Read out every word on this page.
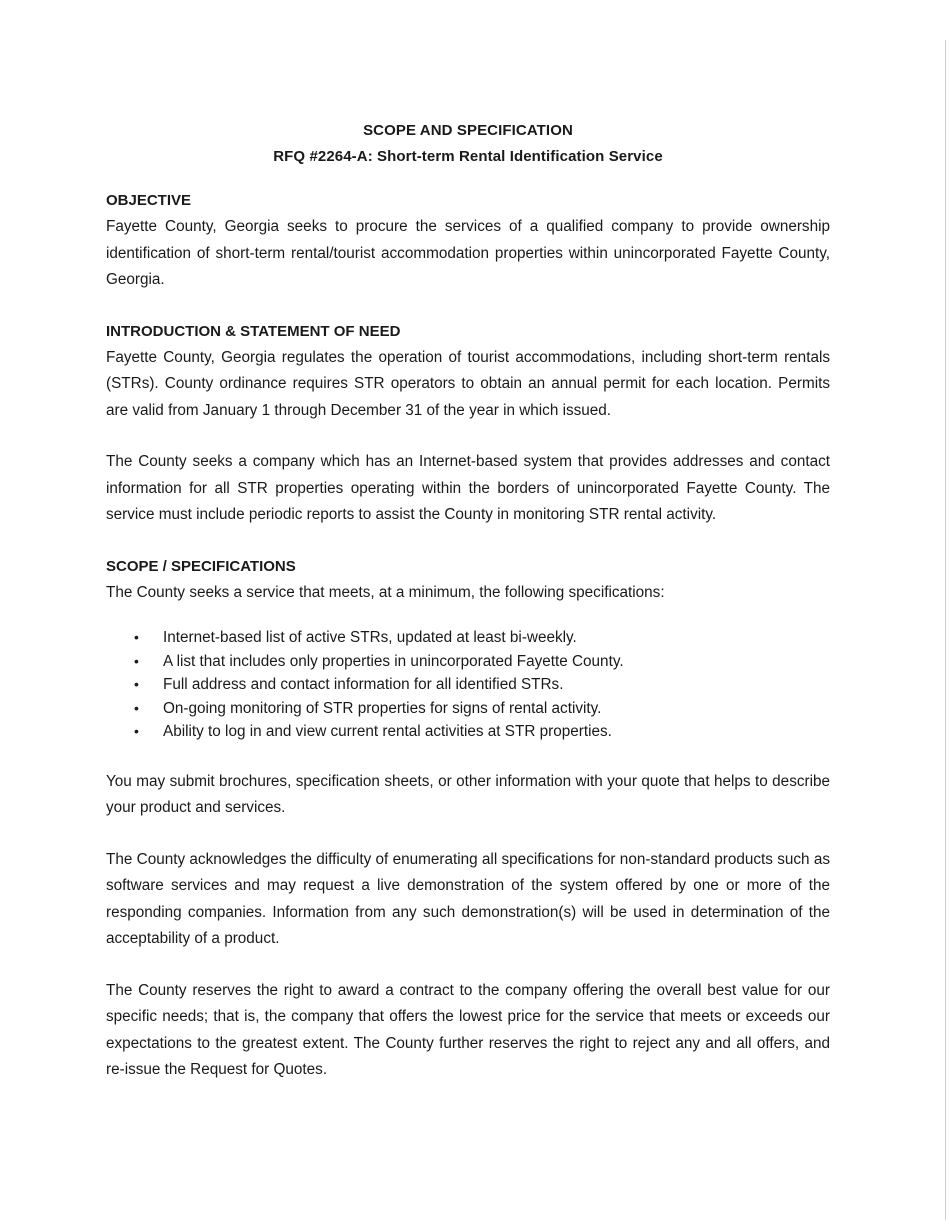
SCOPE AND SPECIFICATION
RFQ #2264-A: Short-term Rental Identification Service

OBJECTIVE

Fayette County, Georgia seeks to procure the services of a qualified company to provide ownership identification of short-term rental/tourist accommodation properties within unincorporated Fayette County, Georgia.

INTRODUCTION & STATEMENT OF NEED

Fayette County, Georgia regulates the operation of tourist accommodations, including short-term rentals (STRs). County ordinance requires STR operators to obtain an annual permit for each location. Permits are valid from January 1 through December 31 of the year in which issued.

The County seeks a company which has an Internet-based system that provides addresses and contact information for all STR properties operating within the borders of unincorporated Fayette County. The service must include periodic reports to assist the County in monitoring STR rental activity.

SCOPE / SPECIFICATIONS

The County seeks a service that meets, at a minimum, the following specifications:

• Internet-based list of active STRs, updated at least bi-weekly.
• A list that includes only properties in unincorporated Fayette County.
• Full address and contact information for all identified STRs.
• On-going monitoring of STR properties for signs of rental activity.
• Ability to log in and view current rental activities at STR properties.

You may submit brochures, specification sheets, or other information with your quote that helps to describe your product and services.

The County acknowledges the difficulty of enumerating all specifications for non-standard products such as software services and may request a live demonstration of the system offered by one or more of the responding companies. Information from any such demonstration(s) will be used in determination of the acceptability of a product.

The County reserves the right to award a contract to the company offering the overall best value for our specific needs; that is, the company that offers the lowest price for the service that meets or exceeds our expectations to the greatest extent. The County further reserves the right to reject any and all offers, and re-issue the Request for Quotes.
